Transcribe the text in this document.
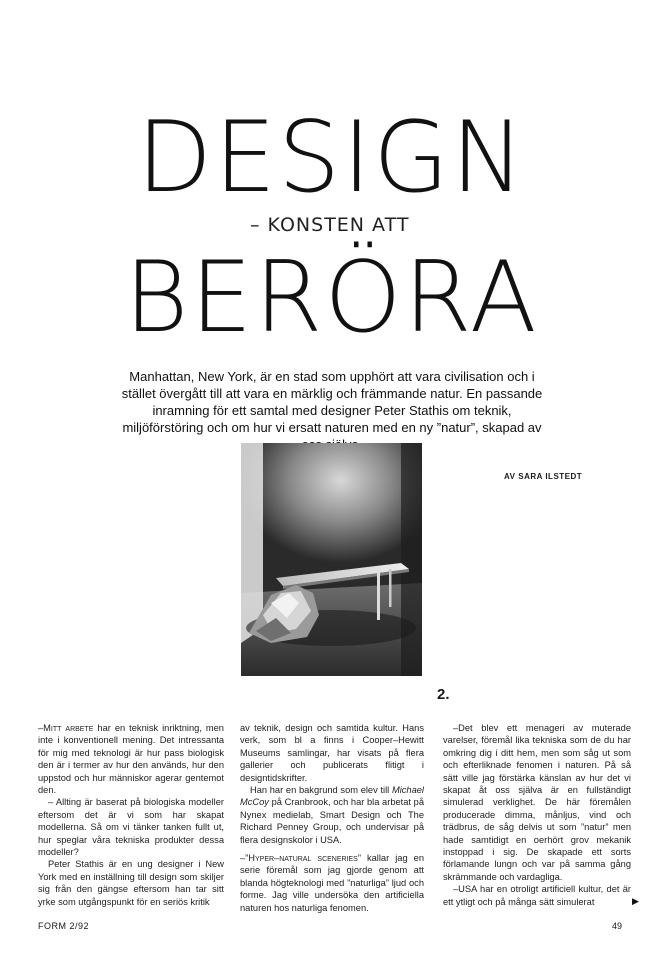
DESIGN
– KONSTEN ATT
BERÖRA
Manhattan, New York, är en stad som upphört att vara civilisation och i stället övergått till att vara en märklig och främmande natur. En passande inramning för ett samtal med designer Peter Stathis om teknik, miljöförstöring och om hur vi ersatt naturen med en ny ”natur”, skapad av
AV SARA ILSTEDT
2.

–Mitt arbete har en teknisk inriktning, men inte i konventionell mening. Det intressanta för mig med teknologi är hur pass biologisk den är i termer av hur den används, hur den uppstod och hur människor agerar gentemot den.

– Allting är baserat på biologiska modeller eftersom det är vi som har skapat modellerna. Så om vi tänker tanken fullt ut, hur speglar våra tekniska produkter dessa modeller?

Peter Stathis är en ung designer i New York med en inställning till design som skiljer sig från den gängse eftersom han tar sitt yrke som utgångspunkt för en seriös kritik

av teknik, design och samtida kultur. Hans verk, som bl a finns i Cooper–Hewitt Museums samlingar, har visats på flera gallerier och publicerats flitigt i designtidskrifter.

Han har en bakgrund som elev till Michael McCoy på Cranbrook, och har bla arbetat på Nynex medielab, Smart Design och The Richard Penney Group, och undervisar på flera designskolor i USA.

–”Hyper–natural sceneries” kallar jag en serie föremål som jag gjorde genom att blanda högteknologi med ”naturliga” ljud och forme. Jag ville undersöka den artificiella naturen hos naturliga fenomen.

–Det blev ett menageri av muterade varelser, föremål lika tekniska som de du har omkring dig i ditt hem, men som såg ut som och efterliknade fenomen i naturen. På så sätt ville jag förstärka känslan av hur det vi skapat åt oss själva är en fullständigt simulerad verklighet. De här föremålen producerade dimma, månljus, vind och trädbrus, de såg delvis ut som ”natur” men hade samtidigt en oerhört grov mekanik instoppad i sig. De skapade ett sorts förlamande lungn och var på samma gång skrämmande och vardagliga.

–USA har en otroligt artificiell kultur, det är ett ytligt och på många sätt simulerat	▶
FORM 2/92	49
